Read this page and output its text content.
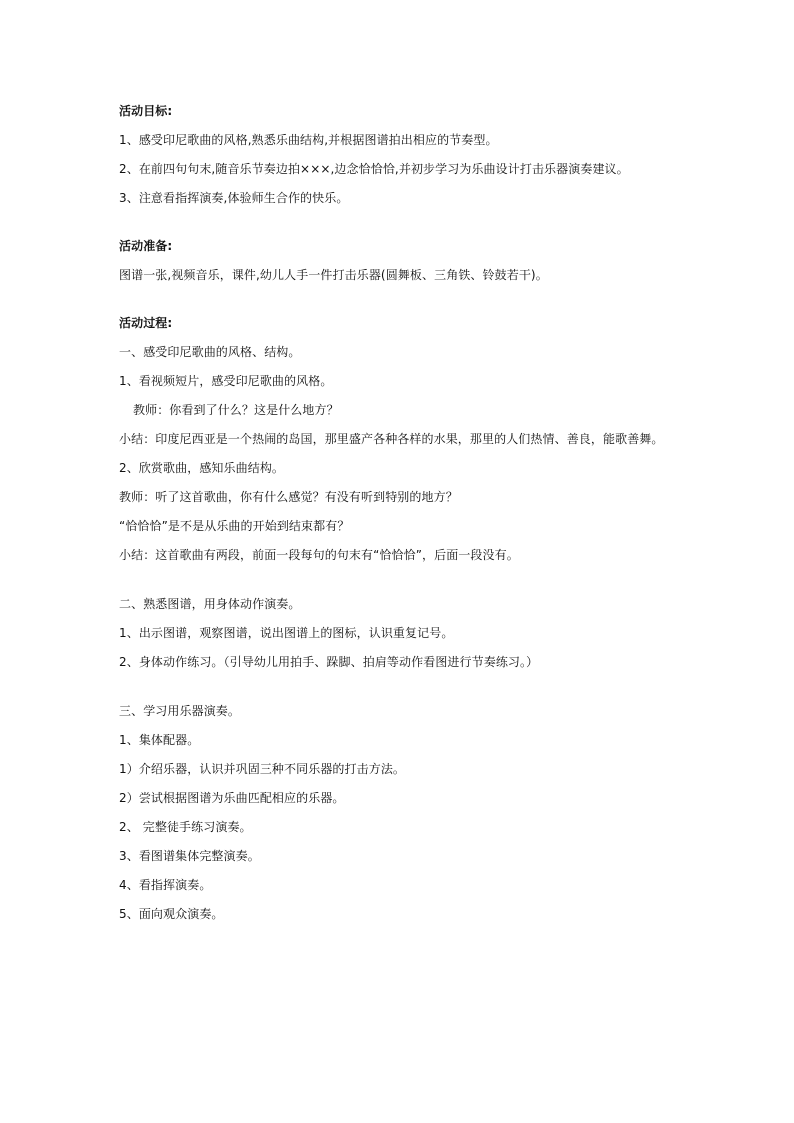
活动目标:
1、感受印尼歌曲的风格,熟悉乐曲结构,并根据图谱拍出相应的节奏型。
2、在前四句句末,随音乐节奏边拍×××,边念恰恰恰,并初步学习为乐曲设计打击乐器演奏建议。
3、注意看指挥演奏,体验师生合作的快乐。
活动准备:
图谱一张,视频音乐，课件,幼儿人手一件打击乐器(圆舞板、三角铁、铃鼓若干)。
活动过程:
一、感受印尼歌曲的风格、结构。
1、看视频短片，感受印尼歌曲的风格。
教师：你看到了什么？这是什么地方？
小结：印度尼西亚是一个热闹的岛国，那里盛产各种各样的水果，那里的人们热情、善良，能歌善舞。
2、欣赏歌曲，感知乐曲结构。
教师：听了这首歌曲，你有什么感觉？有没有听到特别的地方？
“恰恰恰”是不是从乐曲的开始到结束都有？
小结：这首歌曲有两段，前面一段每句的句末有“恰恰恰”，后面一段没有。
二、熟悉图谱，用身体动作演奏。
1、出示图谱，观察图谱，说出图谱上的图标，认识重复记号。
2、身体动作练习。（引导幼儿用拍手、跺脚、拍肩等动作看图进行节奏练习。）
三、学习用乐器演奏。
1、集体配器。
1）介绍乐器，认识并巩固三种不同乐器的打击方法。
2）尝试根据图谱为乐曲匹配相应的乐器。
2、 完整徒手练习演奏。
3、看图谱集体完整演奏。
4、看指挥演奏。
5、面向观众演奏。
